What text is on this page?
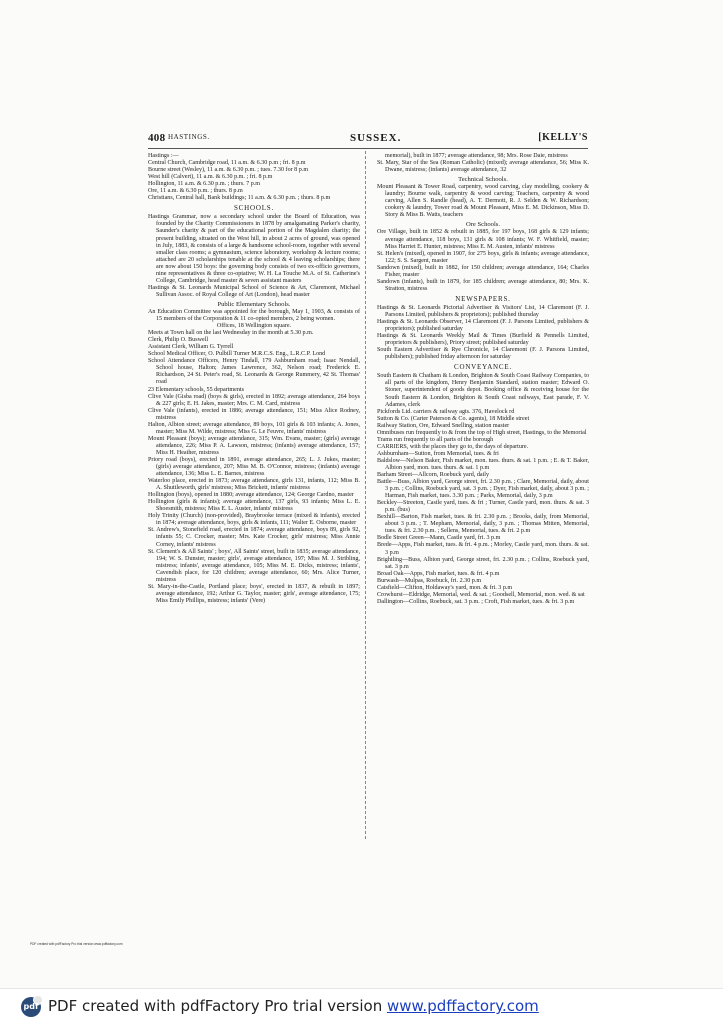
408 HASTINGS.	SUSSEX.	[KELLY'S

Hastings :—

Central Church, Cambridge road, 11 a.m. & 6.30 p.m ; fri. 8 p.m

Bourne street (Wesley), 11 a.m. & 6.30 p.m. ; tues. 7.30 for 8 p.m

West hill (Calvert), 11 a.m. & 6.30 p.m. ; fri. 8 p.m

Hollington, 11 a.m. & 6.30 p.m. ; thurs. 7 p.m

Ore, 11 a.m. & 6.30 p.m. ; thurs. 8 p.m

Christians, Central hall, Bank buildings; 11 a.m. & 6.30 p.m. ; thurs. 8 p.m

SCHOOLS.

Hastings Grammar, now a secondary school under the Board of Education, was founded by the Charity Commissioners in 1878 by amalgamating Parker's charity, Saunder's charity & part of the educational portion of the Magdalen charity; the present building, situated on the West hill, in about 2 acres of ground, was opened in July, 1883, & consists of a large & handsome school-room, together with several smaller class rooms; a gymnasium, science laboratory, workshop & lecture rooms; attached are 20 scholarships tenable at the school & 4 leaving scholarships; there are now about 150 boys: the governing body consists of two ex-officio governors, nine representatives & three co-optative; W. H. La Touche M.A. of St. Catherine's College, Cambridge, head master & seven assistant masters

Hastings & St. Leonards Municipal School of Science & Art, Claremont, Michael Sullivan Assoc. of Royal College of Art (London), head master

Public Elementary Schools.

An Education Committee was appointed for the borough, May 1, 1903, & consists of 15 members of the Corporation & 11 co-opted members, 2 being women.

Offices, 18 Wellington square.

Meets at Town hall on the last Wednesday in the month at 5.30 p.m.

Clerk, Philip O. Buswell

Assistant Clerk, William G. Tyrrell

School Medical Officer, O. Pulbill Turner M.R.C.S. Eng., L.R.C.P. Lond

School Attendance Officers, Henry Tindall, 179 Ashburnham road; Isaac Nendall, School house, Halton; James Lawrence, 362, Nelson road; Frederick E. Richardson, 24 St. Peter's road, St. Leonards & George Rummery, 42 St. Thomas' road

23 Elementary schools, 55 departments

Clive Vale (Gisba road) (boys & girls), erected in 1892; average attendance, 264 boys & 227 girls; E. H. Jakes, master; Mrs. C. M. Card, mistress

Clive Vale (infants), erected in 1886; average attendance, 151; Miss Alice Rodney, mistress

Halton, Albion street; average attendance, 89 boys, 101 girls & 103 infants; A. Jones, master; Miss M. Wilde, mistress; Miss G. Le Feuvre, infants' mistress

Mount Pleasant (boys); average attendance, 315; Wm. Evans, master; (girls) average attendance, 226; Miss P. A. Lawson, mistress; (infants) average attendance, 157; Miss H. Heather, mistress

Priory road (boys), erected in 1891, average attendance, 265; L. J. Jukes, master; (girls) average attendance, 207; Miss M. B. O'Connor, mistress; (infants) average attendance, 136; Miss L. E. Barnes, mistress

Waterloo place, erected in 1873; average attendance, girls 131, infants, 112; Miss B. A. Shuttleworth, girls' mistress; Miss Brickett, infants' mistress

Hollington (boys), opened in 1880; average attendance, 124; George Cardno, master

Hollington (girls & infants); average attendance, 137 girls, 93 infants; Miss L. E. Shoesmith, mistress; Miss E. L. Auster, infants' mistress

Holy Trinity (Church) (non-provided), Braybrooke terrace (mixed & infants), erected in 1874; average attendance, boys, girls & infants, 111; Walter E. Osborne, master

St. Andrew's, Stonefield road, erected in 1874; average attendance, boys 89, girls 92, infants 55; C. Crocker, master; Mrs. Kate Crocker, girls' mistress; Miss Annie Corney, infants' mistress

St. Clement's & All Saints' ; boys', All Saints' street, built in 1835; average attendance, 194; W. S. Dunster, master; girls', average attendance, 197; Miss M. J. Stribling, mistress; infants', average attendance, 105; Miss M. E. Dicks, mistress; infants', Cavendish place, for 120 children; average attendance, 60; Mrs. Alice Turner, mistress

St. Mary-in-the-Castle, Portland place; boys', erected in 1837, & rebuilt in 1897; average attendance, 192; Arthur G. Taylor, master; girls', average attendance, 175; Miss Emily Phillips, mistress; infants' (Vere)

memorial), built in 1877; average attendance, 98; Mrs. Rose Daie, mistress

St. Mary, Star of the Sea (Roman Catholic) (mixed); average attendance, 56; Miss K. Dwane, mistress; (infants) average attendance, 32

Technical Schools.

Mount Pleasant & Tower Road, carpentry, wood carving, clay modelling, cookery & laundry; Bourne walk, carpentry & wood carving; Teachers, carpentry & wood carving, Allen S. Randle (head), A. T. Dermott, R. J. Selden & W. Richardson; cookery & laundry, Tower road & Mount Pleasant, Miss E. M. Dickinson, Miss D. Story & Miss B. Watts, teachers

Ore Schools.

Ore Village, built in 1852 & rebuilt in 1885, for 197 boys, 168 girls & 129 infants; average attendance, 118 boys, 131 girls & 108 infants; W. F. Whitfield, master; Miss Harriet E. Hunter, mistress; Miss E. M. Austen, infants' mistress

St. Helen's (mixed), opened in 1907, for 275 boys, girls & infants; average attendance, 122; S. S. Sargent, master

Sandown (mixed), built in 1882, for 150 children; average attendance, 164; Charles Fisher, master

Sandown (infants), built in 1879, for 185 children; average attendance, 80; Mrs. K. Stratton, mistress

NEWSPAPERS.

Hastings & St. Leonards Pictorial Advertiser & Visitors' List, 14 Claremont (F. J. Parsons Limited, publishers & proprietors); published thursday

Hastings & St. Leonards Observer, 14 Claremont (F. J. Parsons Limited, publishers & proprietors); published saturday

Hastings & St. Leonards Weekly Mail & Times (Burfield & Pennells Limited, proprietors & publishers), Priory street; published saturday

South Eastern Advertiser & Rye Chronicle, 14 Claremont (F. J. Parsons Limited, publishers); published friday afternoon for saturday

CONVEYANCE.

South Eastern & Chatham & London, Brighton & South Coast Railway Companies, to all parts of the kingdom, Henry Benjamin Standard, station master; Edward O. Stoner, superintendent of goods depot. Booking office & receiving house for the South Eastern & London, Brighton & South Coast railways, East parade, F. V. Adames, clerk

Pickfords Ltd. carriers & railway agts. 376, Havelock rd

Sutton & Co. (Carter Paterson & Co. agents), 18 Middle street

Railway Station, Ore, Edward Snelling, station master

Omnibuses run frequently to & from the top of High street, Hastings, to the Memorial

Trams run frequently to all parts of the borough

CARRIERS, with the places they go to, the days of departure.

Ashburnham—Sutton, from Memorial, tues. & fri

Baldslow—Nelson Baker, Fish market, mon. tues. thurs. & sat. 1 p.m. ; E. & T. Baker, Albion yard, mon. tues. thurs. & sat. 1 p.m

Barham Street—Allcorn, Roebuck yard, daily

Battle—Buss, Albion yard, George street, fri. 2.30 p.m. ; Clare, Memorial, daily, about 3 p.m. ; Collins, Roebuck yard, sat. 3 p.m. ; Dyer, Fish market, daily, about 3 p.m. ; Harman, Fish market, tues. 3.30 p.m. ; Parks, Memorial, daily, 3 p.m

Beckley—Streeton, Castle yard, tues. & fri ; Turner, Castle yard, mon. thurs. & sat. 3 p.m. (bus)

Bexhill—Barton, Fish market, tues. & fri. 2.30 p.m. ; Brooks, daily, from Memorial, about 3 p.m. ; T. Mepham, Memorial, daily, 3 p.m. ; Thomas Mitten, Memorial, tues. & fri. 2.30 p.m. ; Sellens, Memorial, tues. & fri. 2 p.m

Bodle Street Green—Mann, Castle yard, fri. 3 p.m

Brede—Apps, Fish market, tues. & fri. 4 p.m. ; Morley, Castle yard, mon. thurs. & sat. 3 p.m

Brightling—Buss, Albion yard, George street, fri. 2.30 p.m. ; Collins, Roebuck yard, sat. 3 p.m

Broad Oak—Apps, Fish market, tues. & fri. 4 p.m

Burwash—Mulpas, Roebuck, fri. 2.30 p.m

Catsfield—Clifton, Holdaway's yard, mon. & fri. 3 p.m

Crowhurst—Eldridge, Memorial, wed. & sat. ; Goodsell, Memorial, mon. wed. & sat

Dallington—Collins, Roebuck, sat. 3 p.m. ; Croft, Fish market, tues. & fri. 3 p.m

PDF created with pdfFactory Pro trial version www.pdffactory.com
pdf
PDF created with pdfFactory Pro trial version www.pdffactory.com
